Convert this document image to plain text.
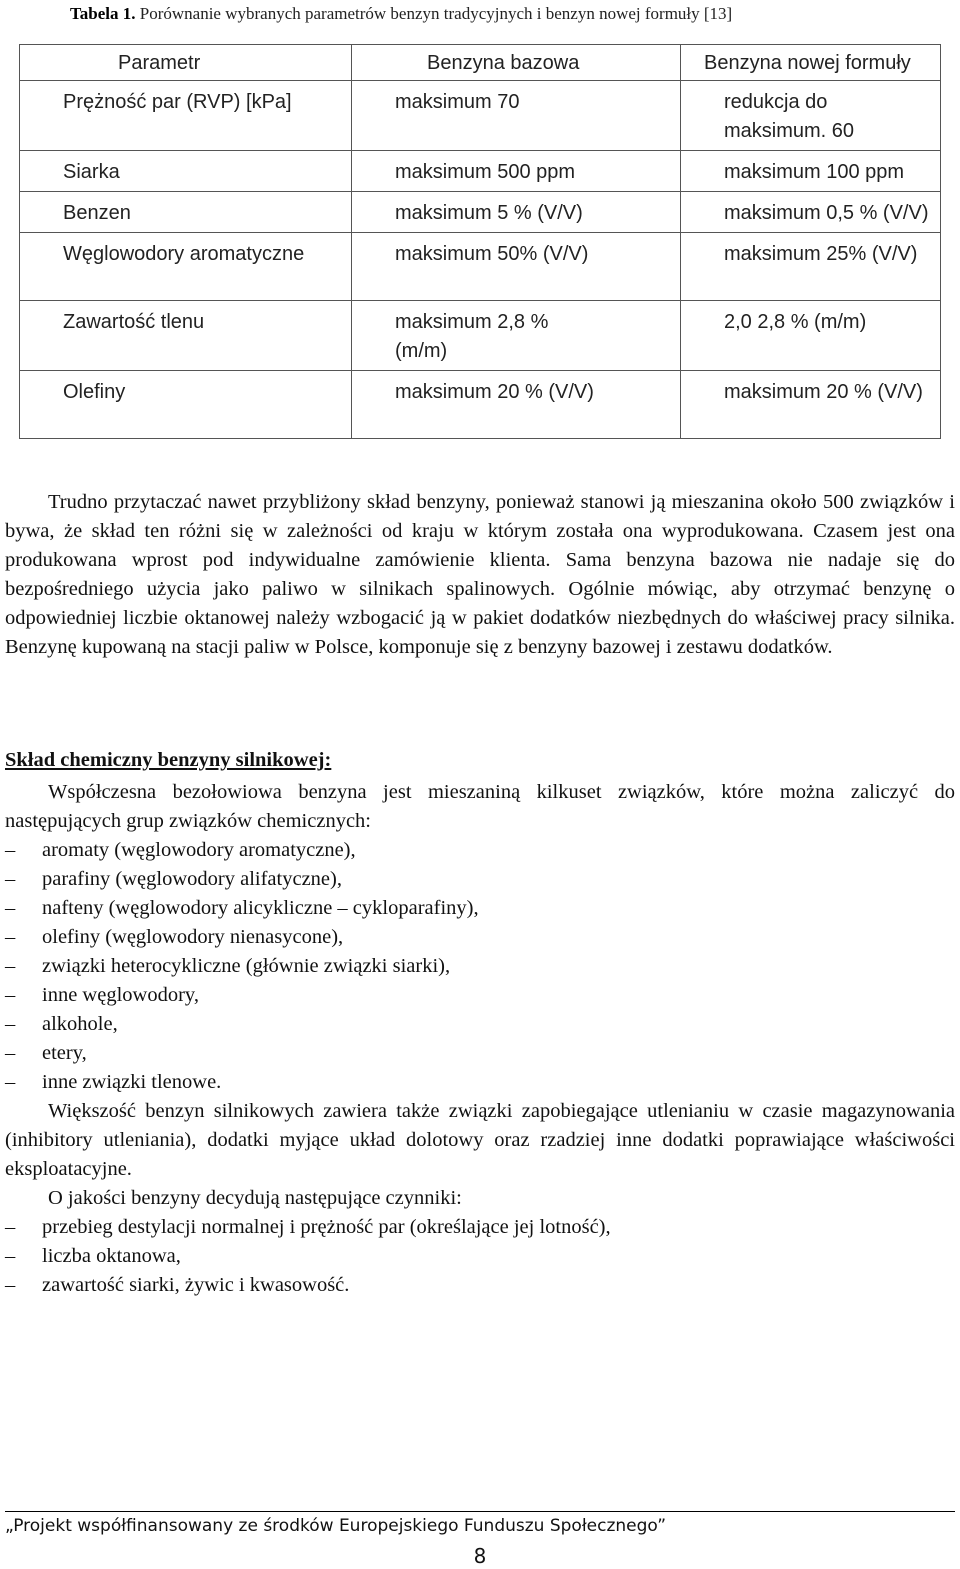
Tabela 1. Porównanie wybranych parametrów benzyn tradycyjnych i benzyn nowej formuły [13]
Parametr	Benzyna bazowa	Benzyna nowej formuły
Prężność par (RVP) [kPa]	maksimum 70	redukcja do maksimum. 60
Siarka	maksimum 500 ppm	maksimum 100 ppm
Benzen	maksimum 5 % (V/V)	maksimum 0,5 % (V/V)
Węglowodory aromatyczne	maksimum 50% (V/V)	maksimum 25% (V/V)
Zawartość tlenu	maksimum 2,8 % (m/m)	2,0 2,8 % (m/m)
Olefiny	maksimum 20 % (V/V)	maksimum 20 % (V/V)
Trudno przytaczać nawet przybliżony skład benzyny, ponieważ stanowi ją mieszanina około 500 związków i bywa, że skład ten różni się w zależności od kraju w którym została ona wyprodukowana. Czasem jest ona produkowana wprost pod indywidualne zamówienie klienta. Sama benzyna bazowa nie nadaje się do bezpośredniego użycia jako paliwo w silnikach spalinowych. Ogólnie mówiąc, aby otrzymać benzynę o odpowiedniej liczbie oktanowej należy wzbogacić ją w pakiet dodatków niezbędnych do właściwej pracy silnika. Benzynę kupowaną na stacji paliw w Polsce, komponuje się z benzyny bazowej i zestawu dodatków.
Skład chemiczny benzyny silnikowej:
Współczesna bezołowiowa benzyna jest mieszaniną kilkuset związków, które można zaliczyć do następujących grup związków chemicznych:
– aromaty (węglowodory aromatyczne),
– parafiny (węglowodory alifatyczne),
– nafteny (węglowodory alicykliczne – cykloparafiny),
– olefiny (węglowodory nienasycone),
– związki heterocykliczne (głównie związki siarki),
– inne węglowodory,
– alkohole,
– etery,
– inne związki tlenowe.
Większość benzyn silnikowych zawiera także związki zapobiegające utlenianiu w czasie magazynowania (inhibitory utleniania), dodatki myjące układ dolotowy oraz rzadziej inne dodatki poprawiające właściwości eksploatacyjne.
O jakości benzyny decydują następujące czynniki:
– przebieg destylacji normalnej i prężność par (określające jej lotność),
– liczba oktanowa,
– zawartość siarki, żywic i kwasowość.
„Projekt współfinansowany ze środków Europejskiego Funduszu Społecznego”
8
